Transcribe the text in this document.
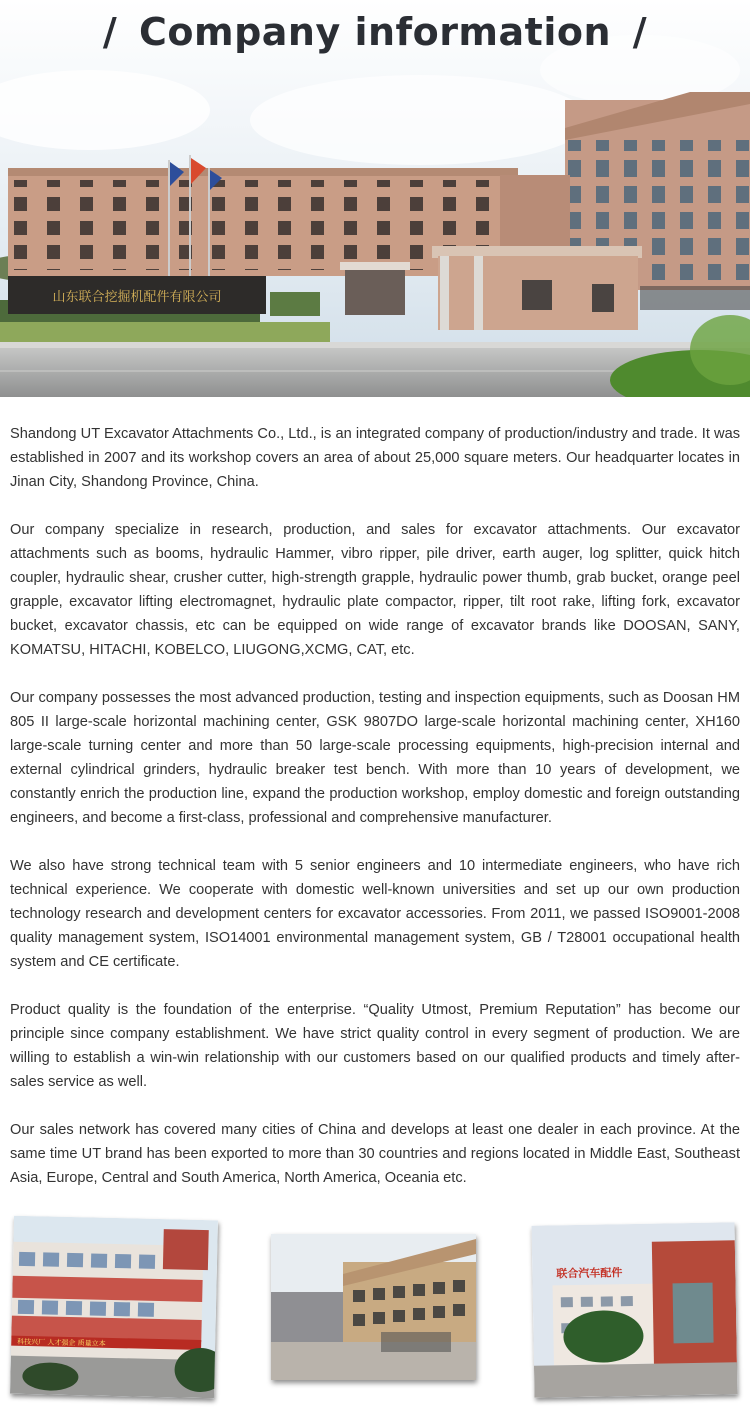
山东联合挖掘机配件有限公司
/ Company information /

Shandong UT Excavator Attachments Co., Ltd., is an integrated company of production/industry and trade. It was established in 2007 and its workshop covers an area of about 25,000 square meters. Our headquarter locates in Jinan City, Shandong Province, China.

Our company specialize in research, production, and sales for excavator attachments. Our excavator attachments such as booms, hydraulic Hammer, vibro ripper, pile driver, earth auger, log splitter, quick hitch coupler, hydraulic shear, crusher cutter, high-strength grapple, hydraulic power thumb, grab bucket, orange peel grapple, excavator lifting electromagnet, hydraulic plate compactor, ripper, tilt root rake, lifting fork, excavator bucket, excavator chassis, etc can be equipped on wide range of excavator brands like DOOSAN, SANY, KOMATSU, HITACHI, KOBELCO, LIUGONG,XCMG, CAT, etc.

Our company possesses the most advanced production, testing and inspection equipments, such as Doosan HM 805 II large-scale horizontal machining center, GSK 9807DO large-scale horizontal machining center, XH160 large-scale turning center and more than 50 large-scale processing equipments, high-precision internal and external cylindrical grinders, hydraulic breaker test bench. With more than 10 years of development, we constantly enrich the production line, expand the production workshop, employ domestic and foreign outstanding engineers, and become a first-class, professional and comprehensive manufacturer.

We also have strong technical team with 5 senior engineers and 10 intermediate engineers, who have rich technical experience. We cooperate with domestic well-known universities and set up our own production technology research and development centers for excavator accessories. From 2011, we passed ISO9001-2008 quality management system, ISO14001 environmental management system, GB / T28001 occupational health system and CE certificate.

Product quality is the foundation of the enterprise. “Quality Utmost, Premium Reputation” has become our principle since company establishment. We have strict quality control in every segment of production. We are willing to establish a win-win relationship with our customers based on our qualified products and timely after-sales service as well.

Our sales network has covered many cities of China and develops at least one dealer in each province. At the same time UT brand has been exported to more than 30 countries and regions located in Middle East, Southeast Asia, Europe, Central and South America, North America, Oceania etc.

科技兴厂 人才强企 质量立本
联合汽车配件
